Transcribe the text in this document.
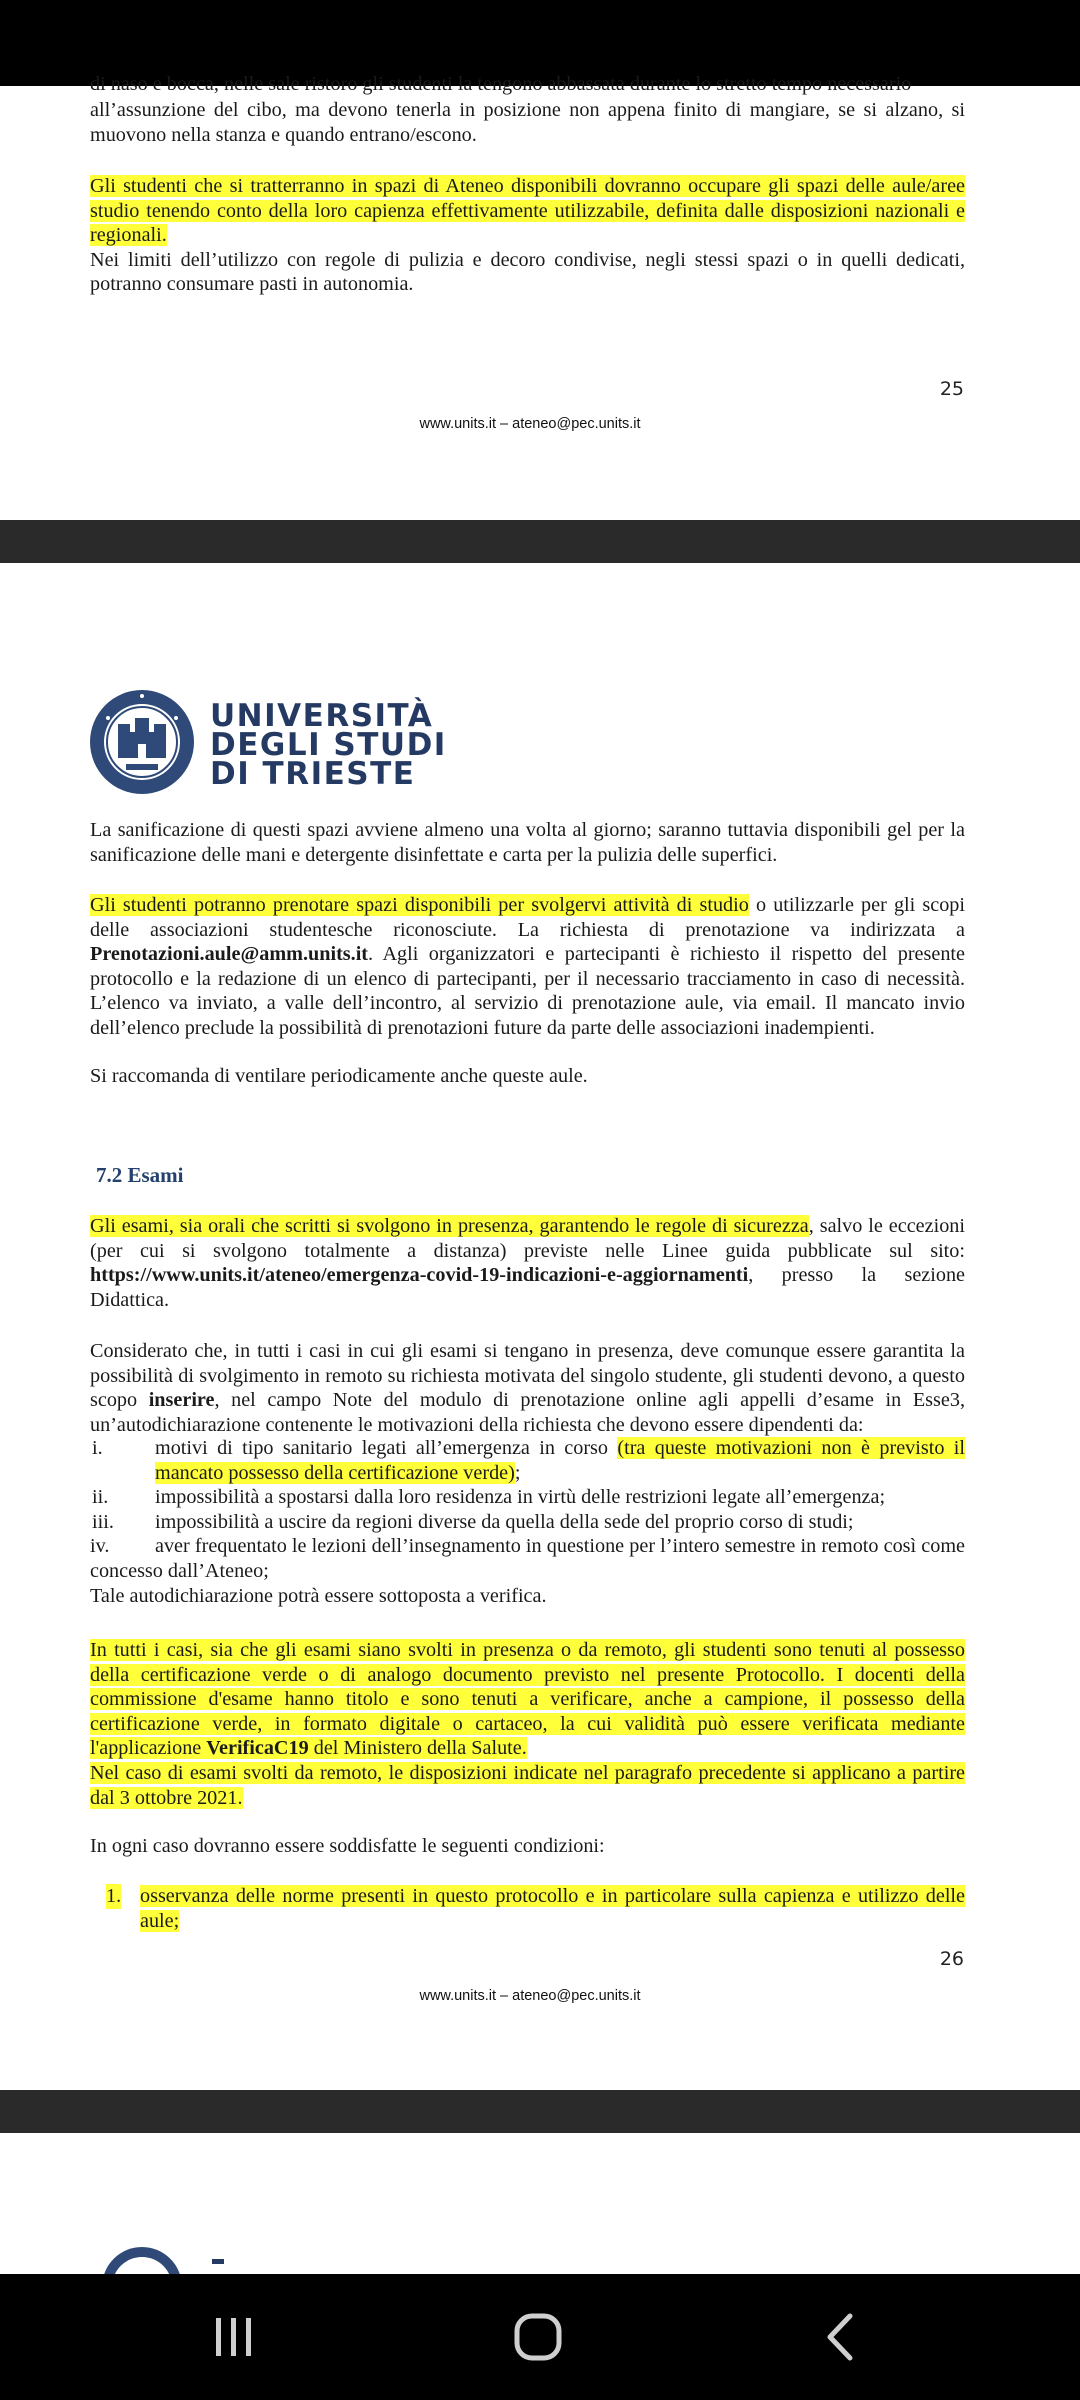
di naso e bocca, nelle sale ristoro gli studenti la tengono abbassata durante lo stretto tempo necessario
all’assunzione del cibo, ma devono tenerla in posizione non appena finito di mangiare, se si alzano, si muovono nella stanza e quando entrano/escono.
Gli studenti che si tratterranno in spazi di Ateneo disponibili dovranno occupare gli spazi delle aule/aree studio tenendo conto della loro capienza effettivamente utilizzabile, definita dalle disposizioni nazionali e regionali.
Nei limiti dell’utilizzo con regole di pulizia e decoro condivise, negli stessi spazi o in quelli dedicati, potranno consumare pasti in autonomia.
25
www.units.it – ateneo@pec.units.it
UNIVERSITÀ
DEGLI STUDI
DI TRIESTE
La sanificazione di questi spazi avviene almeno una volta al giorno; saranno tuttavia disponibili gel per la sanificazione delle mani e detergente disinfettate e carta per la pulizia delle superfici.
Gli studenti potranno prenotare spazi disponibili per svolgervi attività di studio o utilizzarle per gli scopi delle associazioni studentesche riconosciute. La richiesta di prenotazione va indirizzata a Prenotazioni.aule@amm.units.it. Agli organizzatori e partecipanti è richiesto il rispetto del presente protocollo e la redazione di un elenco di partecipanti, per il necessario tracciamento in caso di necessità. L’elenco va inviato, a valle dell’incontro, al servizio di prenotazione aule, via email. Il mancato invio dell’elenco preclude la possibilità di prenotazioni future da parte delle associazioni inadempienti.
Si raccomanda di ventilare periodicamente anche queste aule.
7.2 Esami
Gli esami, sia orali che scritti si svolgono in presenza, garantendo le regole di sicurezza, salvo le eccezioni (per cui si svolgono totalmente a distanza) previste nelle Linee guida pubblicate sul sito: https://www.units.it/ateneo/emergenza-covid-19-indicazioni-e-aggiornamenti, presso la sezione Didattica.
Considerato che, in tutti i casi in cui gli esami si tengano in presenza, deve comunque essere garantita la possibilità di svolgimento in remoto su richiesta motivata del singolo studente, gli studenti devono, a questo scopo inserire, nel campo Note del modulo di prenotazione online agli appelli d’esame in Esse3, un’autodichiarazione contenente le motivazioni della richiesta che devono essere dipendenti da:
i.	motivi di tipo sanitario legati all’emergenza in corso (tra queste motivazioni non è previsto il mancato possesso della certificazione verde);
ii. impossibilità a spostarsi dalla loro residenza in virtù delle restrizioni legate all’emergenza;
iii. impossibilità a uscire da regioni diverse da quella della sede del proprio corso di studi;
iv. aver frequentato le lezioni dell’insegnamento in questione per l’intero semestre in remoto così come concesso dall’Ateneo;
Tale autodichiarazione potrà essere sottoposta a verifica.
In tutti i casi, sia che gli esami siano svolti in presenza o da remoto, gli studenti sono tenuti al possesso della certificazione verde o di analogo documento previsto nel presente Protocollo. I docenti della commissione d'esame hanno titolo e sono tenuti a verificare, anche a campione, il possesso della certificazione verde, in formato digitale o cartaceo, la cui validità può essere verificata mediante l'applicazione VerificaC19 del Ministero della Salute.
Nel caso di esami svolti da remoto, le disposizioni indicate nel paragrafo precedente si applicano a partire dal 3 ottobre 2021.
In ogni caso dovranno essere soddisfatte le seguenti condizioni:
1. osservanza delle norme presenti in questo protocollo e in particolare sulla capienza e utilizzo delle aule;
26
www.units.it – ateneo@pec.units.it
